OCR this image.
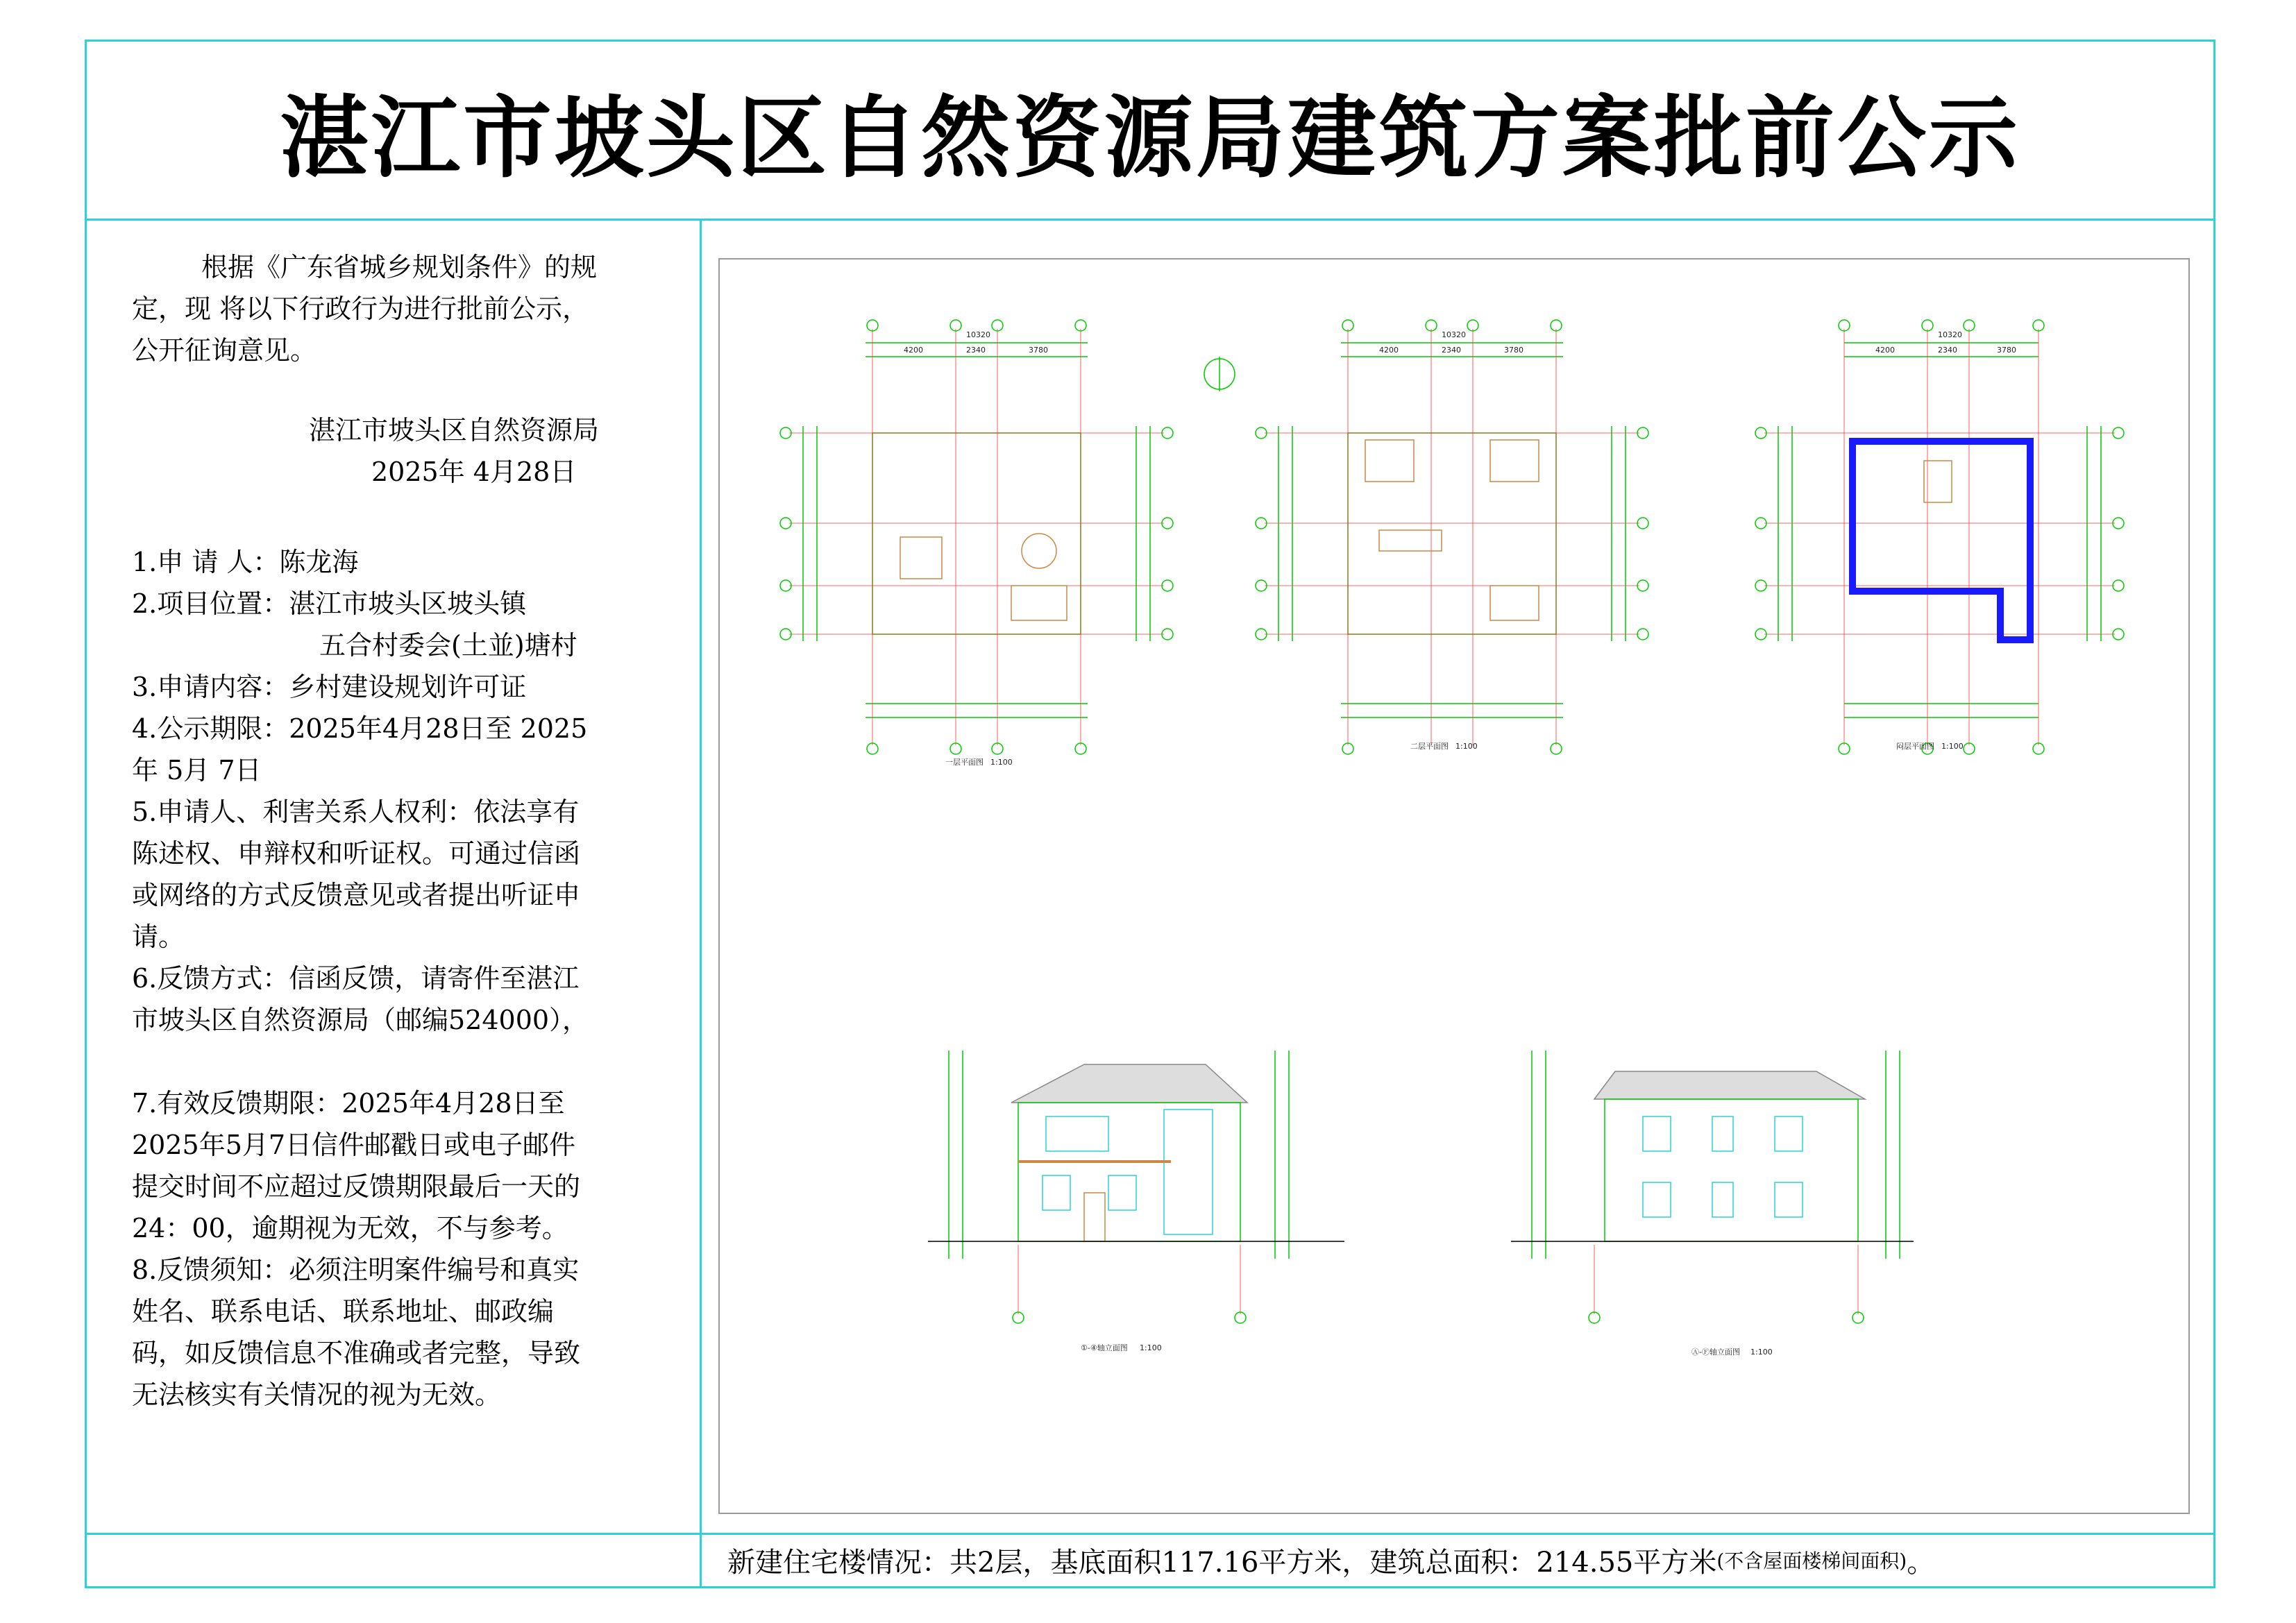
湛江市坡头区自然资源局建筑方案批前公示

根据《广东省城乡规划条件》的规

定，现 将以下行政行为进行批前公示，

公开征询意见。

湛江市坡头区自然资源局

2025年 4月28日

1.申 请 人：陈龙海

2.项目位置：湛江市坡头区坡头镇

五合村委会(土並)塘村

3.申请内容：乡村建设规划许可证

4.公示期限：2025年4月28日至 2025

年 5月 7日

5.申请人、利害关系人权利：依法享有

陈述权、申辩权和听证权。可通过信函

或网络的方式反馈意见或者提出听证申

请。

6.反馈方式：信函反馈，请寄件至湛江

市坡头区自然资源局（邮编524000），

7.有效反馈期限：2025年4月28日至

2025年5月7日信件邮戳日或电子邮件

提交时间不应超过反馈期限最后一天的

24：00，逾期视为无效，不与参考。

8.反馈须知：必须注明案件编号和真实

姓名、联系电话、联系地址、邮政编

码，如反馈信息不准确或者完整，导致

无法核实有关情况的视为无效。

10320
4200	2340	3780
10320
4200	2340	3780
10320
4200	2340	3780
一层平面图 1:100
二层平面图 1:100	闷层平面图 1:100
①-④轴立面图 1:100	Ⓐ-Ⓕ轴立面图 1:100
新建住宅楼情况：共2层，基底面积117.16平方米，建筑总面积：214.55平方米 (不含屋面楼梯间面积) 。
